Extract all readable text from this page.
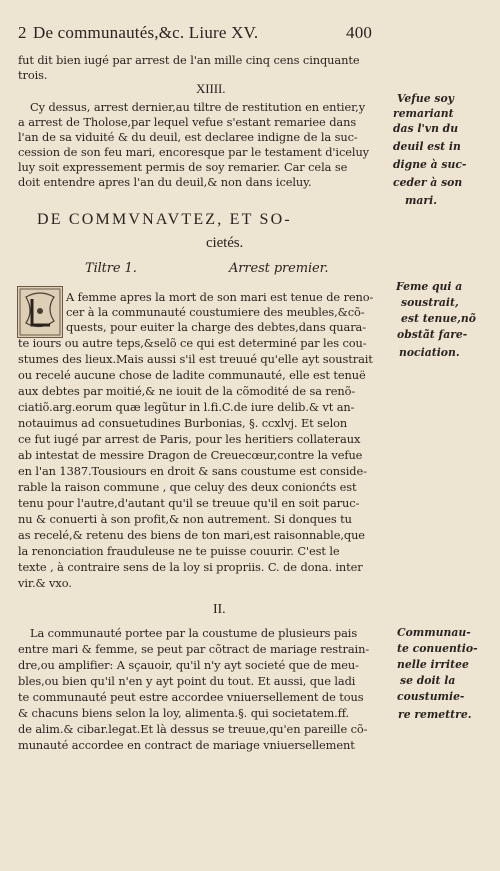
2 De communautés,&c. Liure XV.	400
fut dit bien iugé par arrest de l'an mille cinq cens cinquante
trois.
XIIII.
Cy dessus, arrest dernier,au tiltre de restitution en entier,y
a arrest de Tholose,par lequel vefue s'estant remariee dans
l'an de sa viduité & du deuil, est declaree indigne de la suc-
cession de son feu mari, encoresque par le testament d'iceluy
luy soit expressement permis de soy remarier. Car cela se
doit entendre apres l'an du deuil,& non dans iceluy.
DE COMMVNAVTEZ, ET SO-
cietés.
Tiltre 1.	Arrest premier.
A femme apres la mort de son mari est tenue de reno-
cer à la communauté coustumiere des meubles,&cõ-
quests, pour euiter la charge des debtes,dans quara-
te iours ou autre teps,&selõ ce qui est determiné par les cou-
stumes des lieux.Mais aussi s'il est treuué qu'elle ayt soustrait
ou recelé aucune chose de ladite communauté, elle est tenuë
aux debtes par moitié,& ne iouit de la cõmodité de sa renõ-
ciatiõ.arg.eorum quæ legũtur in l.fi.C.de iure delib.& vt an-
notauimus ad consuetudines Burbonias, §. ccxlvj. Et selon
ce fut iugé par arrest de Paris, pour les heritiers collateraux
ab intestat de messire Dragon de Creuecœur,contre la vefue
en l'an 1387.Tousiours en droit & sans coustume est conside-
rable la raison commune , que celuy des deux conionćts est
tenu pour l'autre,d'autant qu'il se treuue qu'il en soit paruc-
nu & conuerti à son profit,& non autrement. Si donques tu
as recelé,& retenu des biens de ton mari,est raisonnable,que
la renonciation frauduleuse ne te puisse couurir. C'est le
texte , à contraire sens de la loy si propriis. C. de dona. inter
vir.& vxo.
II.
La communauté portee par la coustume de plusieurs pais
entre mari & femme, se peut par cõtract de mariage restrain-
dre,ou amplifier: A sçauoir, qu'il n'y ayt societé que de meu-
bles,ou bien qu'il n'en y ayt point du tout. Et aussi, que ladi
te communauté peut estre accordee vniuersellement de tous
& chacuns biens selon la loy, alimenta.§. qui societatem.ff.
de alim.& cibar.legat.Et là dessus se treuue,qu'en pareille cõ-
munauté accordee en contract de mariage vniuersellement
Vefue soy
remariant
das l'vn du
deuil est in
digne à suc-
ceder à son
mari.
Feme qui a
soustrait,
est tenue,nõ
obstãt fare-
nociation.
Communau-
te conuentio-
nelle irritee
se doit la
coustumie-
re remettre.
